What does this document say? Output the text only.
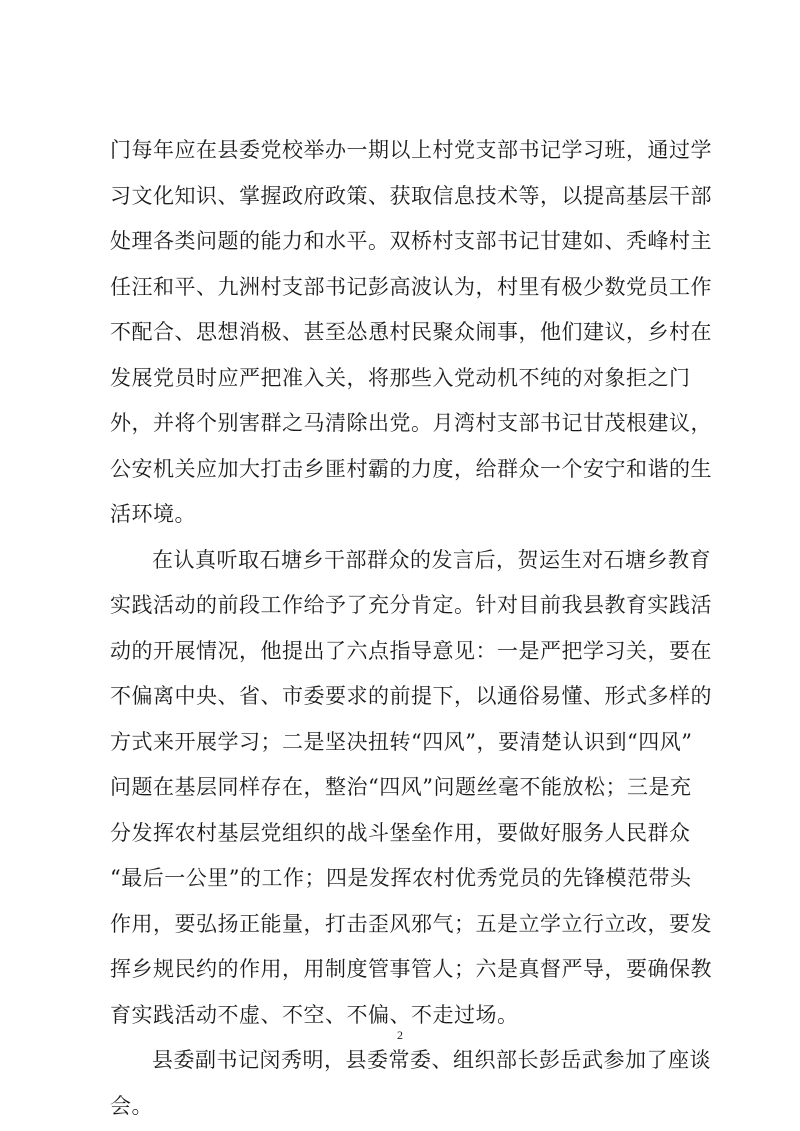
门每年应在县委党校举办一期以上村党支部书记学习班，通过学
习文化知识、掌握政府政策、获取信息技术等，以提高基层干部
处理各类问题的能力和水平。双桥村支部书记甘建如、秃峰村主
任汪和平、九洲村支部书记彭高波认为，村里有极少数党员工作
不配合、思想消极、甚至怂恿村民聚众闹事，他们建议，乡村在
发展党员时应严把准入关，将那些入党动机不纯的对象拒之门
外，并将个别害群之马清除出党。月湾村支部书记甘茂根建议，
公安机关应加大打击乡匪村霸的力度，给群众一个安宁和谐的生
活环境。
在认真听取石塘乡干部群众的发言后，贺运生对石塘乡教育
实践活动的前段工作给予了充分肯定。针对目前我县教育实践活
动的开展情况，他提出了六点指导意见：一是严把学习关，要在
不偏离中央、省、市委要求的前提下，以通俗易懂、形式多样的
方式来开展学习；二是坚决扭转“四风”，要清楚认识到“四风”
问题在基层同样存在，整治“四风”问题丝毫不能放松；三是充
分发挥农村基层党组织的战斗堡垒作用，要做好服务人民群众
“最后一公里”的工作；四是发挥农村优秀党员的先锋模范带头
作用，要弘扬正能量，打击歪风邪气；五是立学立行立改，要发
挥乡规民约的作用，用制度管事管人；六是真督严导，要确保教
育实践活动不虚、不空、不偏、不走过场。
县委副书记闵秀明，县委常委、组织部长彭岳武参加了座谈
会。
2
